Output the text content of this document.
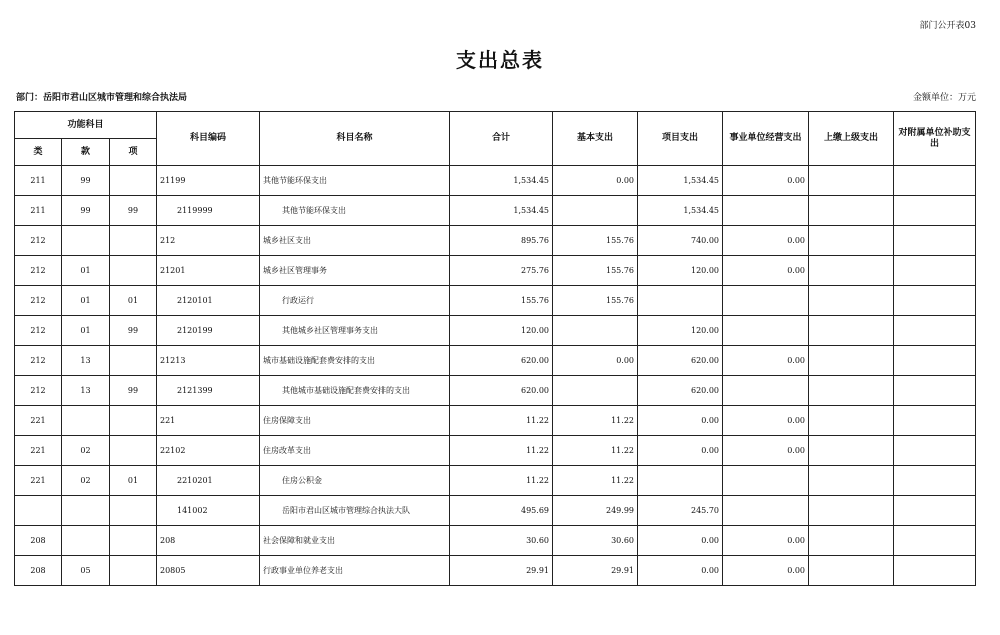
部门公开表03
支出总表
部门：岳阳市君山区城市管理和综合执法局	金额单位：万元
功能科目			科目编码	科目名称	合计	基本支出	项目支出	事业单位经营支出	上缴上级支出	对附属单位补助支出
类	款	项								
211	99		21199	其他节能环保支出	1,534.45	0.00	1,534.45	0.00		
211	99	99	2119999	其他节能环保支出	1,534.45		1,534.45			
212			212	城乡社区支出	895.76	155.76	740.00	0.00		
212	01		21201	城乡社区管理事务	275.76	155.76	120.00	0.00		
212	01	01	2120101	行政运行	155.76	155.76				
212	01	99	2120199	其他城乡社区管理事务支出	120.00		120.00			
212	13		21213	城市基础设施配套费安排的支出	620.00	0.00	620.00	0.00		
212	13	99	2121399	其他城市基础设施配套费安排的支出	620.00		620.00			
221			221	住房保障支出	11.22	11.22	0.00	0.00		
221	02		22102	住房改革支出	11.22	11.22	0.00	0.00		
221	02	01	2210201	住房公积金	11.22	11.22				
			141002	岳阳市君山区城市管理综合执法大队	495.69	249.99	245.70			
208			208	社会保障和就业支出	30.60	30.60	0.00	0.00		
208	05		20805	行政事业单位养老支出	29.91	29.91	0.00	0.00		
